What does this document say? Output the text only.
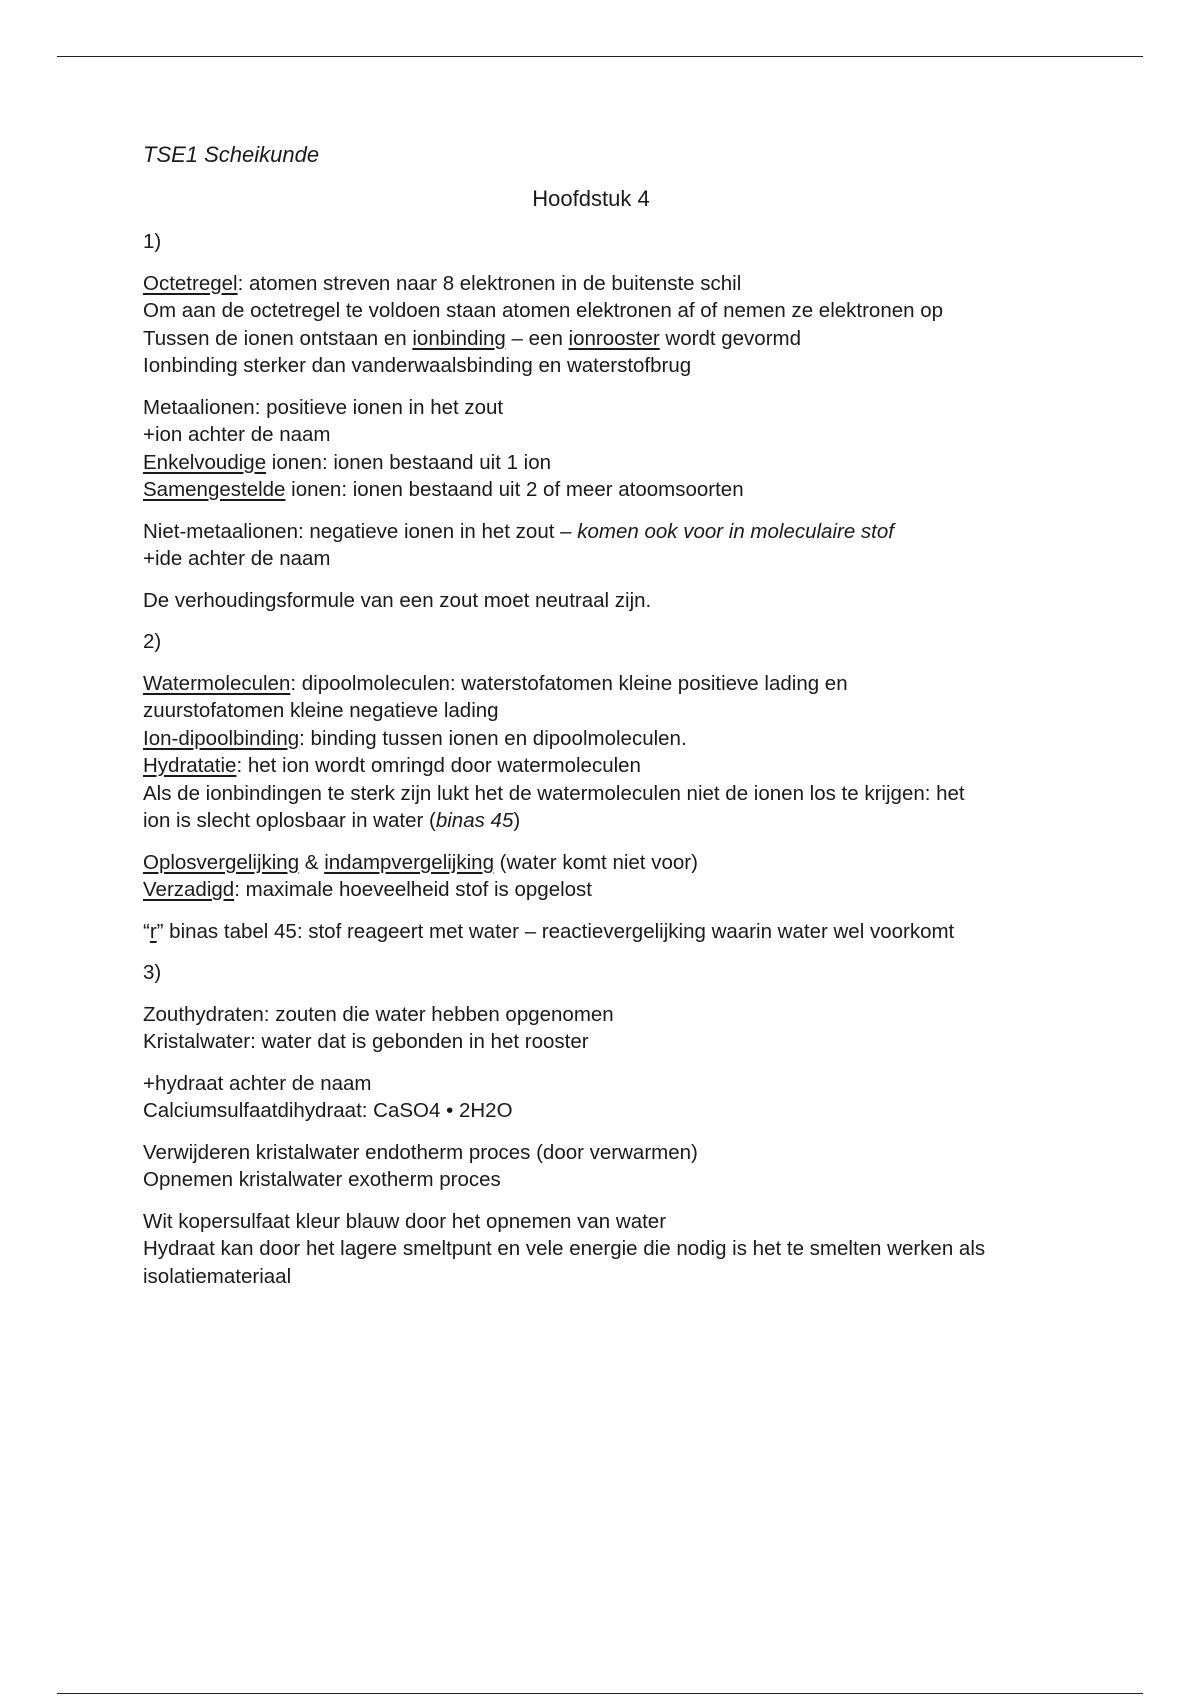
TSE1 Scheikunde

Hoofdstuk 4

1)

Octetregel: atomen streven naar 8 elektronen in de buitenste schil
Om aan de octetregel te voldoen staan atomen elektronen af of nemen ze elektronen op
Tussen de ionen ontstaan en ionbinding – een ionrooster wordt gevormd
Ionbinding sterker dan vanderwaalsbinding en waterstofbrug

Metaalionen: positieve ionen in het zout
+ion achter de naam
Enkelvoudige ionen: ionen bestaand uit 1 ion
Samengestelde ionen: ionen bestaand uit 2 of meer atoomsoorten

Niet-metaalionen: negatieve ionen in het zout – komen ook voor in moleculaire stof
+ide achter de naam

De verhoudingsformule van een zout moet neutraal zijn.

2)

Watermoleculen: dipoolmoleculen: waterstofatomen kleine positieve lading en
zuurstofatomen kleine negatieve lading
Ion-dipoolbinding: binding tussen ionen en dipoolmoleculen.
Hydratatie: het ion wordt omringd door watermoleculen
Als de ionbindingen te sterk zijn lukt het de watermoleculen niet de ionen los te krijgen: het
ion is slecht oplosbaar in water (binas 45)

Oplosvergelijking & indampvergelijking (water komt niet voor)
Verzadigd: maximale hoeveelheid stof is opgelost

“r” binas tabel 45: stof reageert met water – reactievergelijking waarin water wel voorkomt

3)

Zouthydraten: zouten die water hebben opgenomen
Kristalwater: water dat is gebonden in het rooster

+hydraat achter de naam
Calciumsulfaatdihydraat: CaSO4 • 2H2O

Verwijderen kristalwater endotherm proces (door verwarmen)
Opnemen kristalwater exotherm proces

Wit kopersulfaat kleur blauw door het opnemen van water
Hydraat kan door het lagere smeltpunt en vele energie die nodig is het te smelten werken als
isolatiemateriaal
